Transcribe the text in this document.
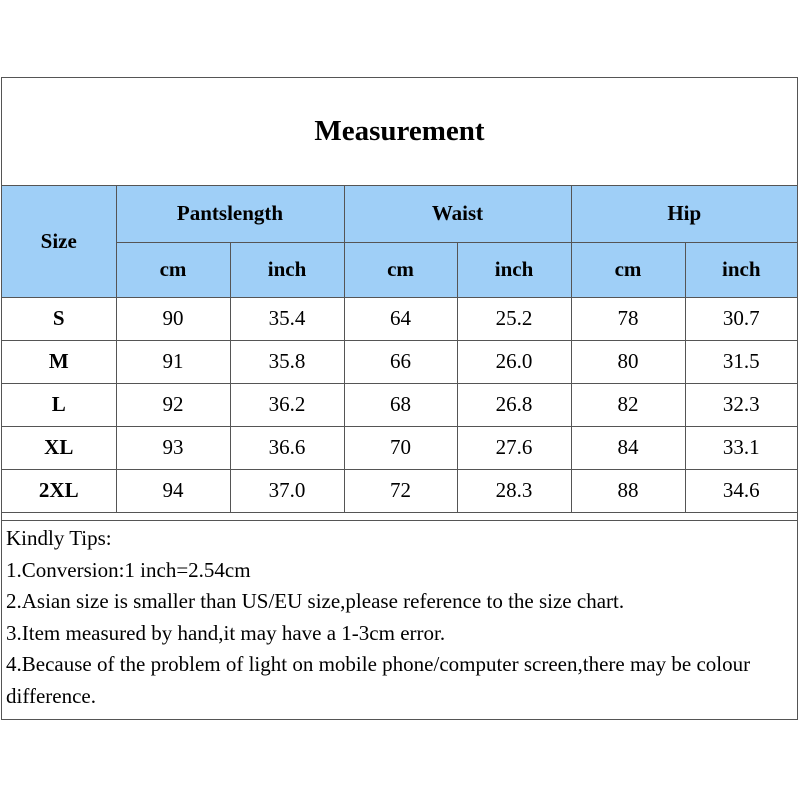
Measurement
Size	Pantslength		Waist		Hip	
	cm	inch	cm	inch	cm	inch
S	90	35.4	64	25.2	78	30.7
M	91	35.8	66	26.0	80	31.5
L	92	36.2	68	26.8	82	32.3
XL	93	36.6	70	27.6	84	33.1
2XL	94	37.0	72	28.3	88	34.6
Kindly Tips:
1.Conversion:1 inch=2.54cm
2.Asian size is smaller than US/EU size,please reference to the size chart.
3.Item measured by hand,it may have a 1-3cm error.
4.Because of the problem of light on mobile phone/computer screen,there may be colour difference.
